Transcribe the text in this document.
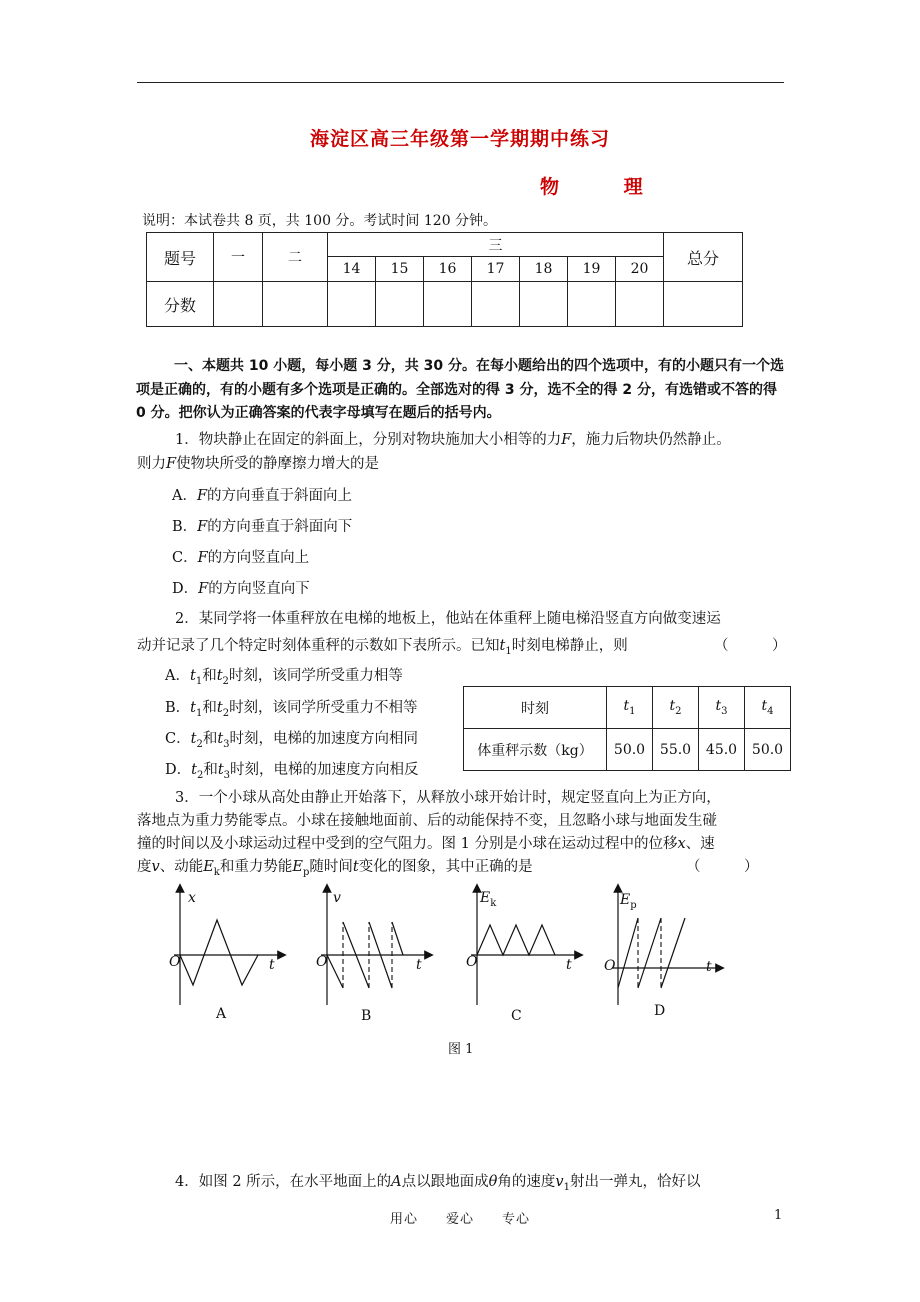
海淀区高三年级第一学期期中练习
物	理
说明：本试卷共 8 页，共 100 分。考试时间 120 分钟。
题号	一	二	三							总分
			14	15	16	17	18	19	20	
分数										
一、本题共 10 小题，每小题 3 分，共 30 分。在每小题给出的四个选项中，有的小题只有一个选项是正确的，有的小题有多个选项是正确的。全部选对的得 3 分，选不全的得 2 分，有选错或不答的得 0 分。把你认为正确答案的代表字母填写在题后的括号内。
1．物块静止在固定的斜面上，分别对物块施加大小相等的力F，施力后物块仍然静止。
则力F使物块所受的静摩擦力增大的是
A．F的方向垂直于斜面向上
B．F的方向垂直于斜面向下
C．F的方向竖直向上
D．F的方向竖直向下
2．某同学将一体重秤放在电梯的地板上，他站在体重秤上随电梯沿竖直方向做变速运
动并记录了几个特定时刻体重秤的示数如下表所示。已知$t_1$时刻电梯静止，则	（　　　）
A．$t_1$和$t_2$时刻，该同学所受重力相等
B．$t_1$和$t_2$时刻，该同学所受重力不相等
C．$t_2$和$t_3$时刻，电梯的加速度方向相同
D．$t_2$和$t_3$时刻，电梯的加速度方向相反
时刻	$t_1$	$t_2$	$t_3$	$t_4$
体重秤示数（kg）	50.0	55.0	45.0	50.0
3．一个小球从高处由静止开始落下，从释放小球开始计时，规定竖直向上为正方向，
落地点为重力势能零点。小球在接触地面前、后的动能保持不变，且忽略小球与地面发生碰
撞的时间以及小球运动过程中受到的空气阻力。图 1 分别是小球在运动过程中的位移x、速
度v、动能$E_k$和重力势能$E_p$随时间t变化的图象，其中正确的是	（　　　）
x
O	t
A
v
O	t
B
$E_k$
O	t
C
$E_p$
O	t
D
图 1
4．如图 2 所示，在水平地面上的A点以跟地面成θ角的速度$v_1$射出一弹丸，恰好以
用心　　爱心　　专心	1
